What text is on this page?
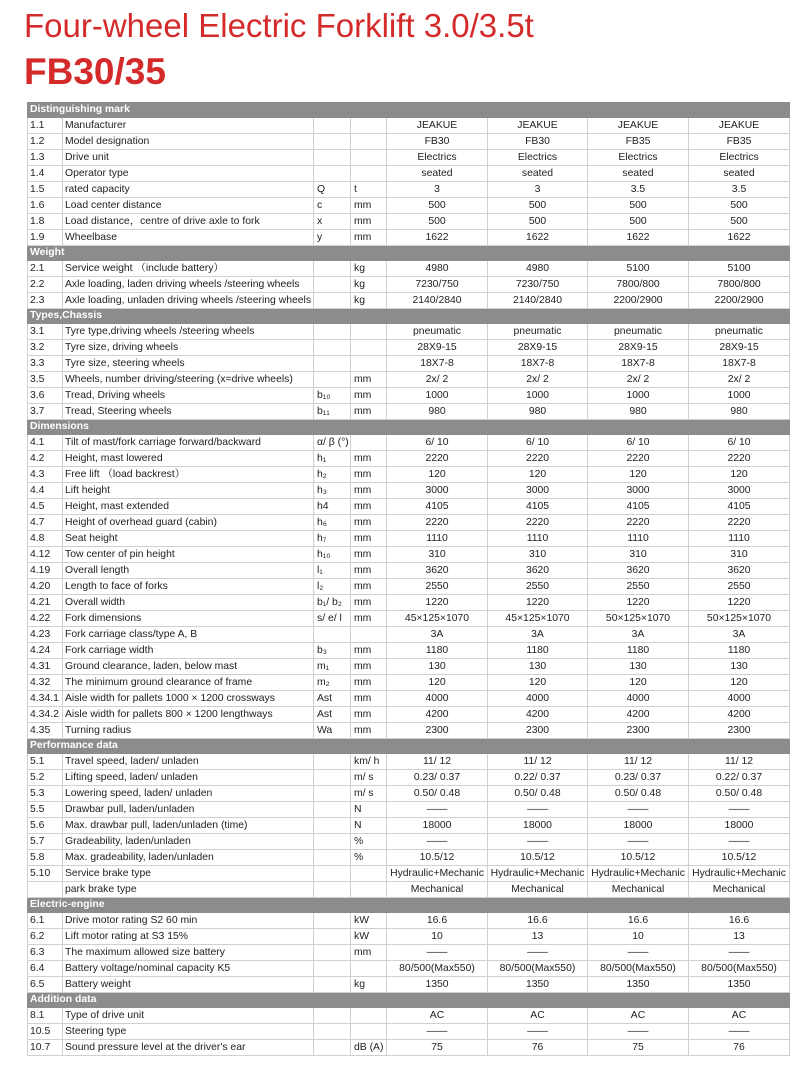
Four-wheel Electric Forklift 3.0/3.5t
FB30/35
Distinguishing mark							
1.1	Manufacturer			JEAKUE	JEAKUE	JEAKUE	JEAKUE
1.2	Model designation			FB30	FB30	FB35	FB35
1.3	Drive unit			Electrics	Electrics	Electrics	Electrics
1.4	Operator type			seated	seated	seated	seated
1.5	rated capacity	Q	t	3	3	3.5	3.5
1.6	Load center distance	c	mm	500	500	500	500
1.8	Load distance，centre of drive axle to fork	x	mm	500	500	500	500
1.9	Wheelbase	y	mm	1622	1622	1622	1622
Weight							
2.1	Service weight （include battery）		kg	4980	4980	5100	5100
2.2	Axle loading, laden driving wheels /steering wheels		kg	7230/750	7230/750	7800/800	7800/800
2.3	Axle loading, unladen driving wheels /steering wheels		kg	2140/2840	2140/2840	2200/2900	2200/2900
Types,Chassis							
3.1	Tyre type,driving wheels /steering wheels			pneumatic	pneumatic	pneumatic	pneumatic
3.2	Tyre size, driving wheels			28X9-15	28X9-15	28X9-15	28X9-15
3.3	Tyre size, steering wheels			18X7-8	18X7-8	18X7-8	18X7-8
3.5	Wheels, number driving/steering (x=drive wheels)		mm	2x/ 2	2x/ 2	2x/ 2	2x/ 2
3.6	Tread, Driving wheels	b₁₀	mm	1000	1000	1000	1000
3.7	Tread, Steering wheels	b₁₁	mm	980	980	980	980
Dimensions							
4.1	Tilt of mast/fork carriage forward/backward	α/ β (°)		6/ 10	6/ 10	6/ 10	6/ 10
4.2	Height, mast lowered	h₁	mm	2220	2220	2220	2220
4.3	Free lift （load backrest）	h₂	mm	120	120	120	120
4.4	Lift height	h₃	mm	3000	3000	3000	3000
4.5	Height, mast extended	h4	mm	4105	4105	4105	4105
4.7	Height of overhead guard (cabin)	h₆	mm	2220	2220	2220	2220
4.8	Seat height	h₇	mm	1110	1110	1110	1110
4.12	Tow center of pin height	h₁₀	mm	310	310	310	310
4.19	Overall length	l₁	mm	3620	3620	3620	3620
4.20	Length to face of forks	l₂	mm	2550	2550	2550	2550
4.21	Overall width	b₁/ b₂	mm	1220	1220	1220	1220
4.22	Fork dimensions	s/ e/ l	mm	45×125×1070	45×125×1070	50×125×1070	50×125×1070
4.23	Fork carriage class/type A, B			3A	3A	3A	3A
4.24	Fork carriage width	b₃	mm	1180	1180	1180	1180
4.31	Ground clearance, laden, below mast	m₁	mm	130	130	130	130
4.32	The minimum ground clearance of frame	m₂	mm	120	120	120	120
4.34.1	Aisle width for pallets 1000 × 1200 crossways	Ast	mm	4000	4000	4000	4000
4.34.2	Aisle width for pallets 800 × 1200 lengthways	Ast	mm	4200	4200	4200	4200
4.35	Turning radius	Wa	mm	2300	2300	2300	2300
Performance data							
5.1	Travel speed, laden/ unladen		km/ h	11/ 12	11/ 12	11/ 12	11/ 12
5.2	Lifting speed, laden/ unladen		m/ s	0.23/ 0.37	0.22/ 0.37	0.23/ 0.37	0.22/ 0.37
5.3	Lowering speed, laden/ unladen		m/ s	0.50/ 0.48	0.50/ 0.48	0.50/ 0.48	0.50/ 0.48
5.5	Drawbar pull, laden/unladen		N	——	——	——	——
5.6	Max. drawbar pull, laden/unladen (time)		N	18000	18000	18000	18000
5.7	Gradeability, laden/unladen		%	——	——	——	——
5.8	Max. gradeability, laden/unladen		%	10.5/12	10.5/12	10.5/12	10.5/12
5.10	Service brake type			Hydraulic+Mechanic	Hydraulic+Mechanic	Hydraulic+Mechanic	Hydraulic+Mechanic
	park brake type			Mechanical	Mechanical	Mechanical	Mechanical
Electric-engine							
6.1	Drive motor rating S2 60 min		kW	16.6	16.6	16.6	16.6
6.2	Lift motor rating at S3 15%		kW	10	13	10	13
6.3	The maximum allowed size battery		mm	——	——	——	——
6.4	Battery voltage/nominal capacity K5			80/500(Max550)	80/500(Max550)	80/500(Max550)	80/500(Max550)
6.5	Battery weight		kg	1350	1350	1350	1350
Addition data							
8.1	Type of drive unit			AC	AC	AC	AC
10.5	Steering type			——	——	——	——
10.7	Sound pressure level at the driver's ear		dB (A)	75	76	75	76
